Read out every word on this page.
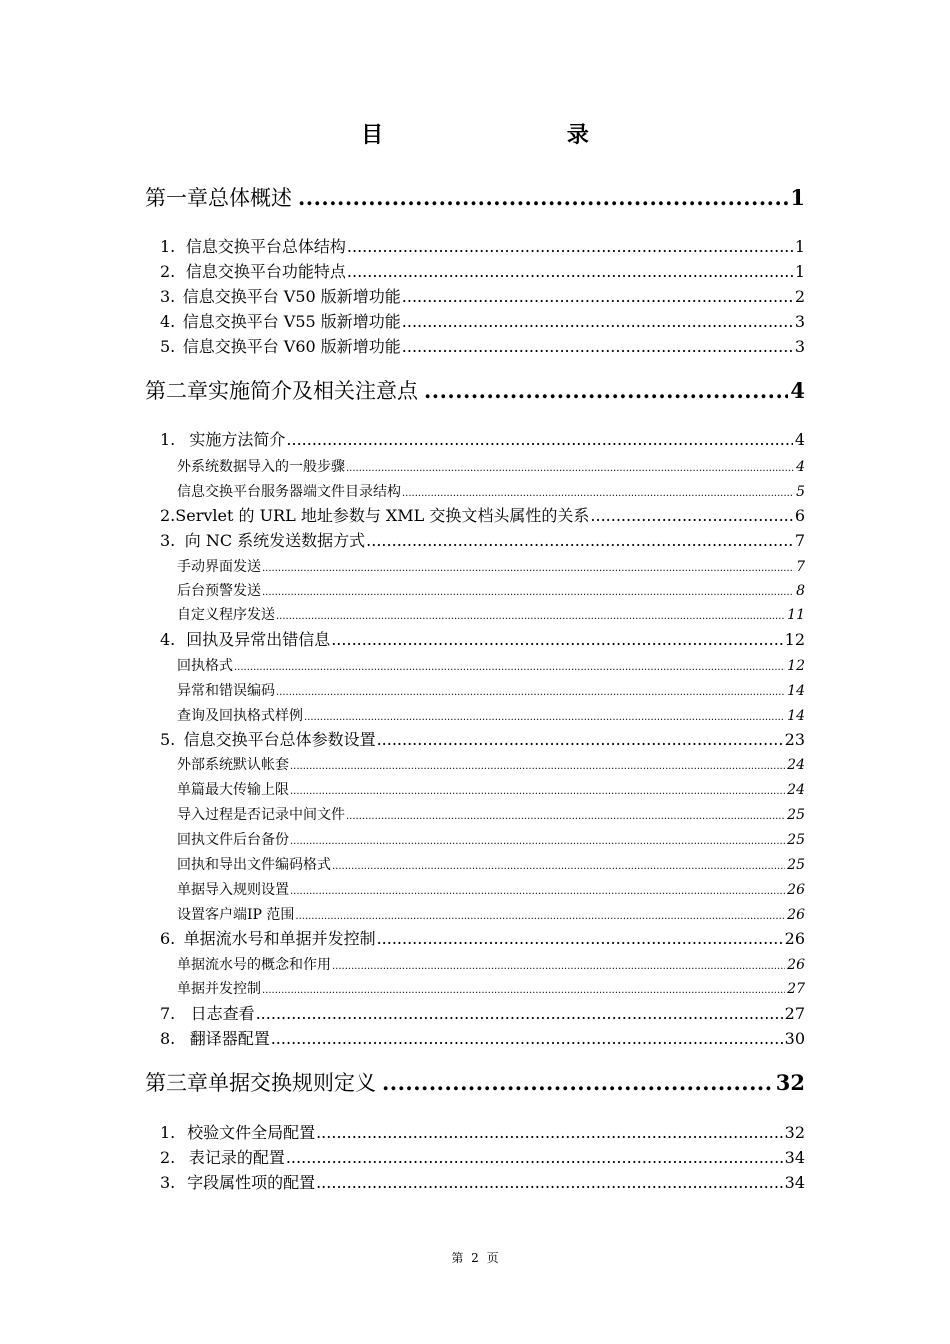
目 录
第一章 总体概述 .....	1
1. 信息交换平台总体结构 .....	1
2. 信息交换平台功能特点 .....	1
3. 信息交换平台 V50 版新增功能 .....	2
4. 信息交换平台 V55 版新增功能 .....	3
5. 信息交换平台 V60 版新增功能 .....	3
第二章 实施简介及相关注意点 .....	4
1. 实施方法简介 .....	4
外系统数据导入的一般步骤 .....	4
信息交换平台服务器端文件目录结构 .....	5
2. Servlet 的 URL 地址参数与 XML 交换文档头属性的关系 .....	6
3. 向 NC 系统发送数据方式 .....	7
手动界面发送 .....	7
后台预警发送 .....	8
自定义程序发送 .....	11
4. 回执及异常出错信息 .....	12
回执格式 .....	12
异常和错误编码 .....	14
查询及回执格式样例 .....	14
5. 信息交换平台总体参数设置 .....	23
外部系统默认帐套 .....	24
单篇最大传输上限 .....	24
导入过程是否记录中间文件 .....	25
回执文件后台备份 .....	25
回执和导出文件编码格式 .....	25
单据导入规则设置 .....	26
设置客户端IP 范围 .....	26
6. 单据流水号和单据并发控制 .....	26
单据流水号的概念和作用 .....	26
单据并发控制 .....	27
7. 日志查看 .....	27
8. 翻译器配置 .....	30
第三章 单据交换规则定义 .....	32
1. 校验文件全局配置 .....	32
2. 表记录的配置 .....	34
3. 字段属性项的配置 .....	34
第 2 页
